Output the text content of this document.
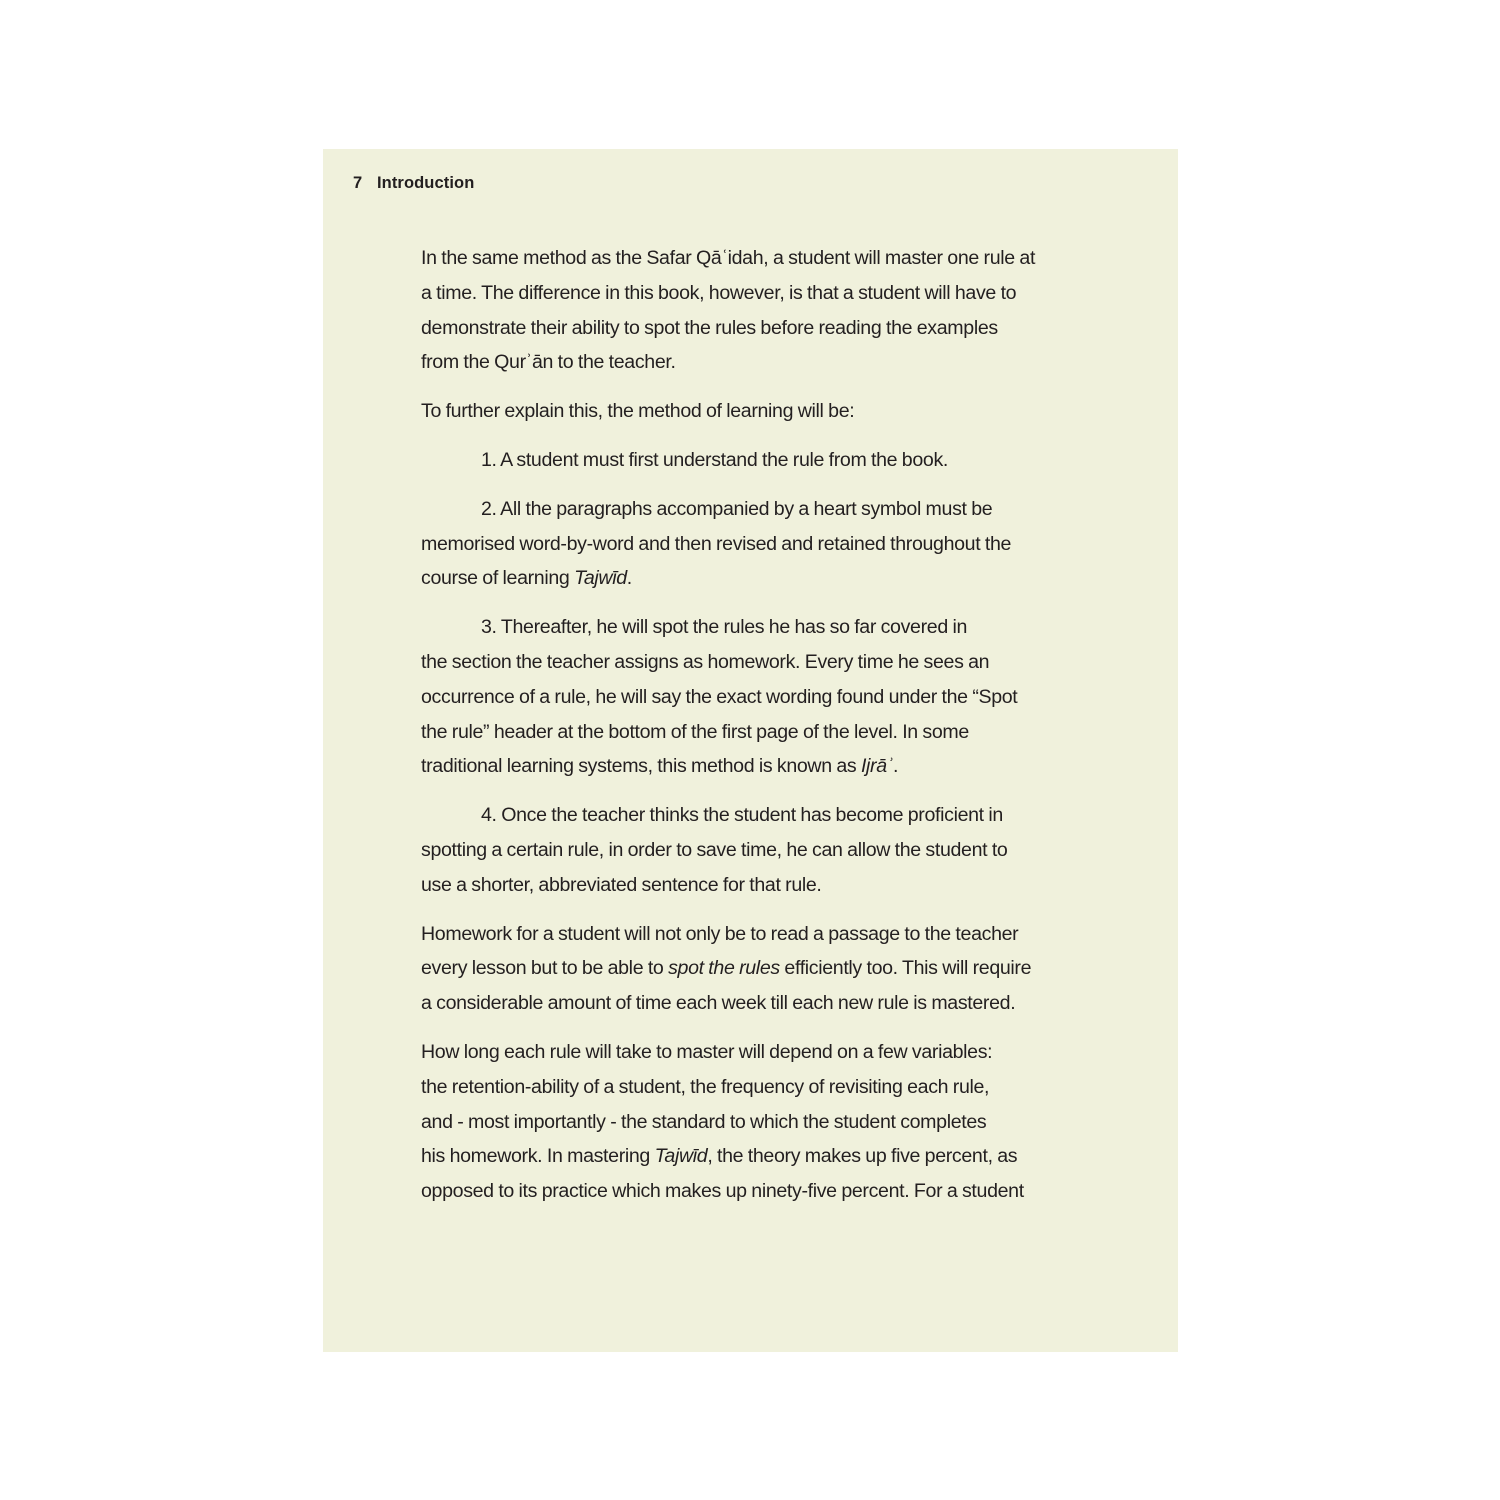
7 Introduction

In the same method as the Safar Qāʿidah, a student will master one rule at
a time. The difference in this book, however, is that a student will have to
demonstrate their ability to spot the rules before reading the examples
from the Qurʾān to the teacher.

To further explain this, the method of learning will be:

1. A student must first understand the rule from the book.

2. All the paragraphs accompanied by a heart symbol must be
memorised word-by-word and then revised and retained throughout the
course of learning Tajwīd.

3. Thereafter, he will spot the rules he has so far covered in
the section the teacher assigns as homework. Every time he sees an
occurrence of a rule, he will say the exact wording found under the “Spot
the rule” header at the bottom of the first page of the level. In some
traditional learning systems, this method is known as Ijrāʾ.

4. Once the teacher thinks the student has become proficient in
spotting a certain rule, in order to save time, he can allow the student to
use a shorter, abbreviated sentence for that rule.

Homework for a student will not only be to read a passage to the teacher
every lesson but to be able to spot the rules efficiently too. This will require
a considerable amount of time each week till each new rule is mastered.

How long each rule will take to master will depend on a few variables:
the retention-ability of a student, the frequency of revisiting each rule,
and - most importantly - the standard to which the student completes
his homework. In mastering Tajwīd, the theory makes up five percent, as
opposed to its practice which makes up ninety-five percent. For a student
